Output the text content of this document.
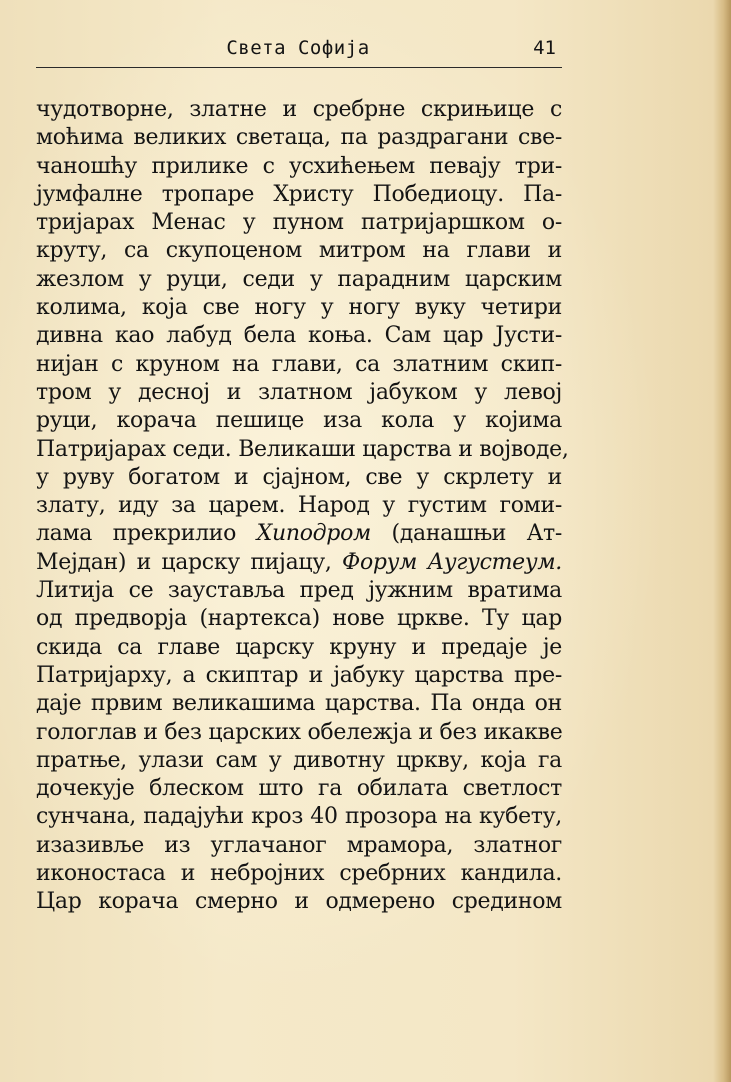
Света Софија	41
чудотворне, златне и сребрне скрињице с
моћима великих светаца, па раздрагани све-
чаношћу прилике с усхићењем певају три-
јумфалне тропаре Христу Победиоцу. Па-
тријарах Менас у пуном патријаршком о-
круту, са скупоценом митром на глави и
жезлом у руци, седи у парадним царским
колима, која све ногу у ногу вуку четири
дивна као лабуд бела коња. Сам цар Јусти-
нијан с круном на глави, са златним скип-
тром у десној и златном јабуком у левој
руци, корача пешице иза кола у којима
Патријарах седи. Великаши царства и војводе,
у руву богатом и сјајном, све у скрлету и
злату, иду за царем. Народ у густим гоми-
лама прекрилио Хиподром (данашњи Ат-
Мејдан) и царску пијацу, Форум Аугустеум.
Литија се зауставља пред јужним вратима
од предворја (нартекса) нове цркве. Ту цар
скида са главе царску круну и предаје је
Патријарху, а скиптар и јабуку царства пре-
даје првим великашима царства. Па онда он
гологлав и без царских обележја и без икакве
пратње, улази сам у дивотну цркву, која га
дочекује блеском што га обилата светлост
сунчана, падајући кроз 40 прозора на кубету,
изазивље из углачаног мрамора, златног
иконостаса и небројних сребрних кандила.
Цар корача смерно и одмерено средином
